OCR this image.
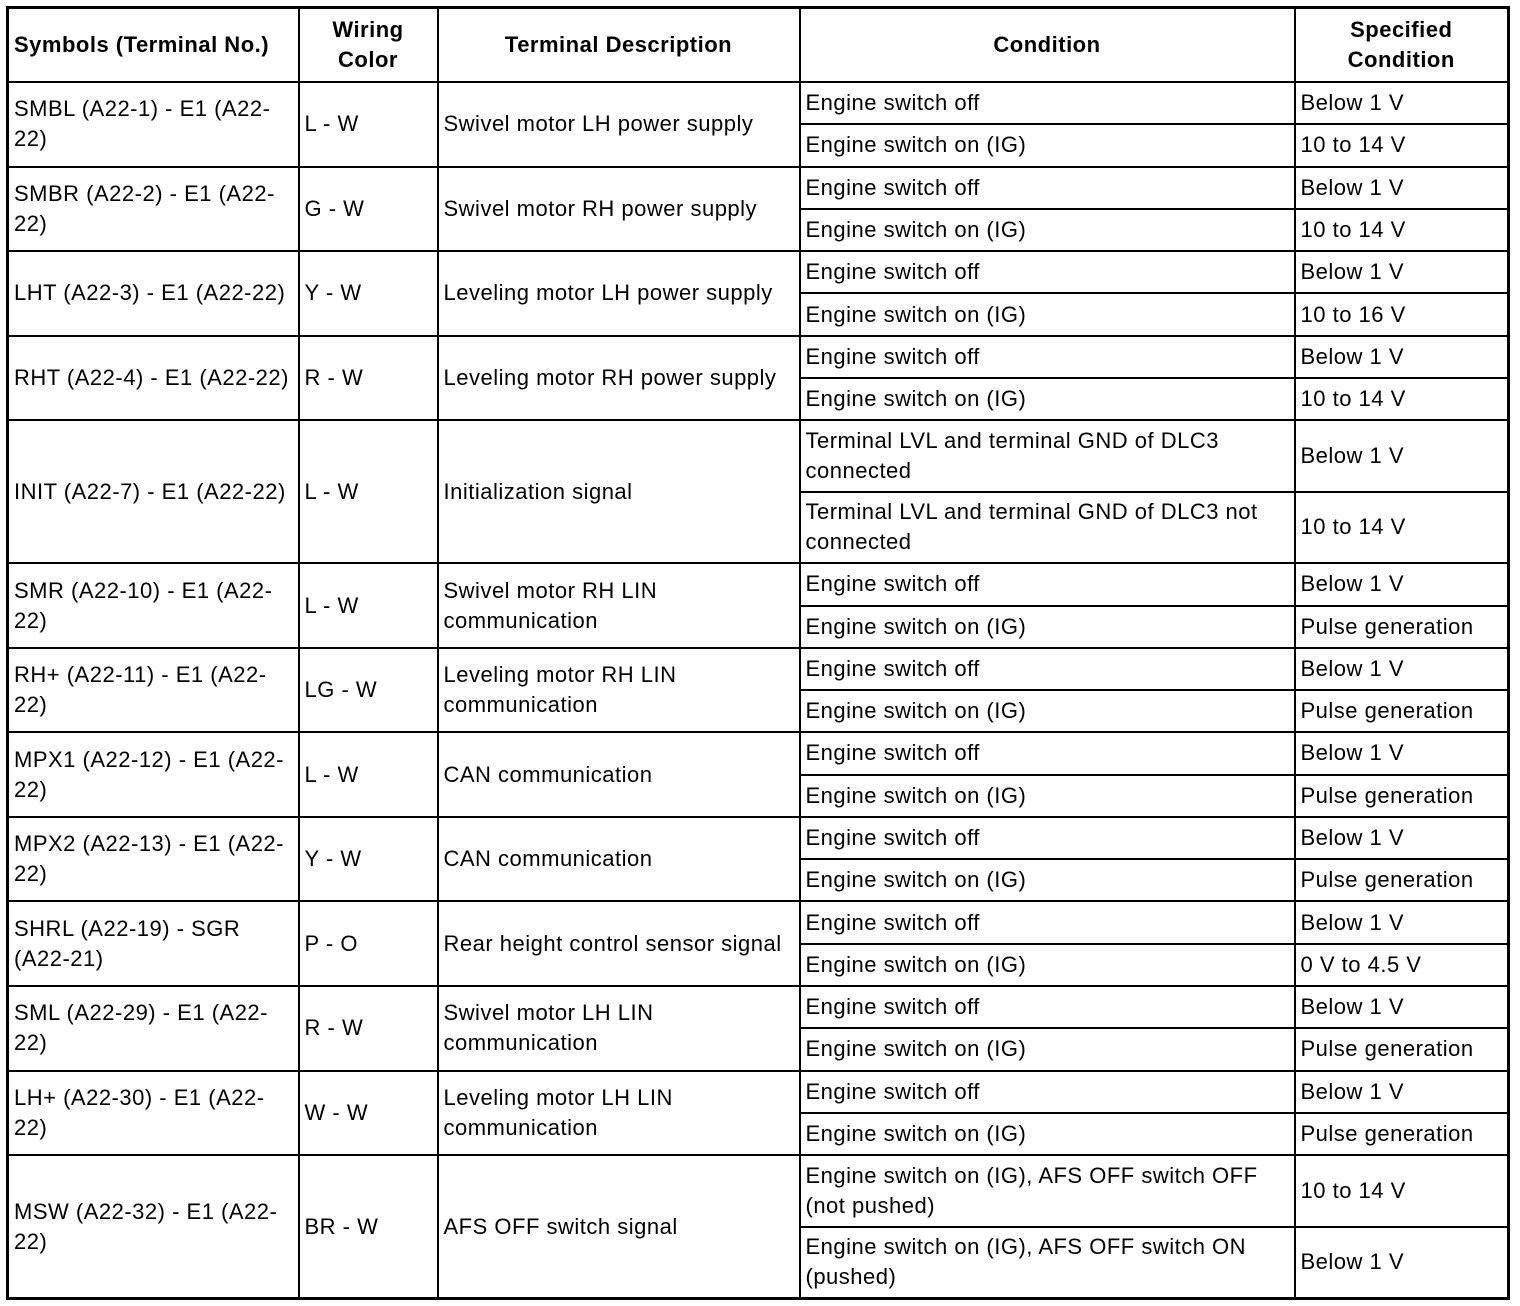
Symbols (Terminal No.)	Wiring Color	Terminal Description	Condition	Specified Condition
SMBL (A22-1) - E1 (A22-22)	L - W	Swivel motor LH power supply	Engine switch off	Below 1 V
			Engine switch on (IG)	10 to 14 V
SMBR (A22-2) - E1 (A22-22)	G - W	Swivel motor RH power supply	Engine switch off	Below 1 V
			Engine switch on (IG)	10 to 14 V
LHT (A22-3) - E1 (A22-22)	Y - W	Leveling motor LH power supply	Engine switch off	Below 1 V
			Engine switch on (IG)	10 to 16 V
RHT (A22-4) - E1 (A22-22)	R - W	Leveling motor RH power supply	Engine switch off	Below 1 V
			Engine switch on (IG)	10 to 14 V
INIT (A22-7) - E1 (A22-22)	L - W	Initialization signal	Terminal LVL and terminal GND of DLC3 connected	Below 1 V
			Terminal LVL and terminal GND of DLC3 not connected	10 to 14 V
SMR (A22-10) - E1 (A22-22)	L - W	Swivel motor RH LIN communication	Engine switch off	Below 1 V
			Engine switch on (IG)	Pulse generation
RH+ (A22-11) - E1 (A22-22)	LG - W	Leveling motor RH LIN communication	Engine switch off	Below 1 V
			Engine switch on (IG)	Pulse generation
MPX1 (A22-12) - E1 (A22-22)	L - W	CAN communication	Engine switch off	Below 1 V
			Engine switch on (IG)	Pulse generation
MPX2 (A22-13) - E1 (A22-22)	Y - W	CAN communication	Engine switch off	Below 1 V
			Engine switch on (IG)	Pulse generation
SHRL (A22-19) - SGR (A22-21)	P - O	Rear height control sensor signal	Engine switch off	Below 1 V
			Engine switch on (IG)	0 V to 4.5 V
SML (A22-29) - E1 (A22-22)	R - W	Swivel motor LH LIN communication	Engine switch off	Below 1 V
			Engine switch on (IG)	Pulse generation
LH+ (A22-30) - E1 (A22-22)	W - W	Leveling motor LH LIN communication	Engine switch off	Below 1 V
			Engine switch on (IG)	Pulse generation
MSW (A22-32) - E1 (A22-22)	BR - W	AFS OFF switch signal	Engine switch on (IG), AFS OFF switch OFF (not pushed)	10 to 14 V
			Engine switch on (IG), AFS OFF switch ON (pushed)	Below 1 V
